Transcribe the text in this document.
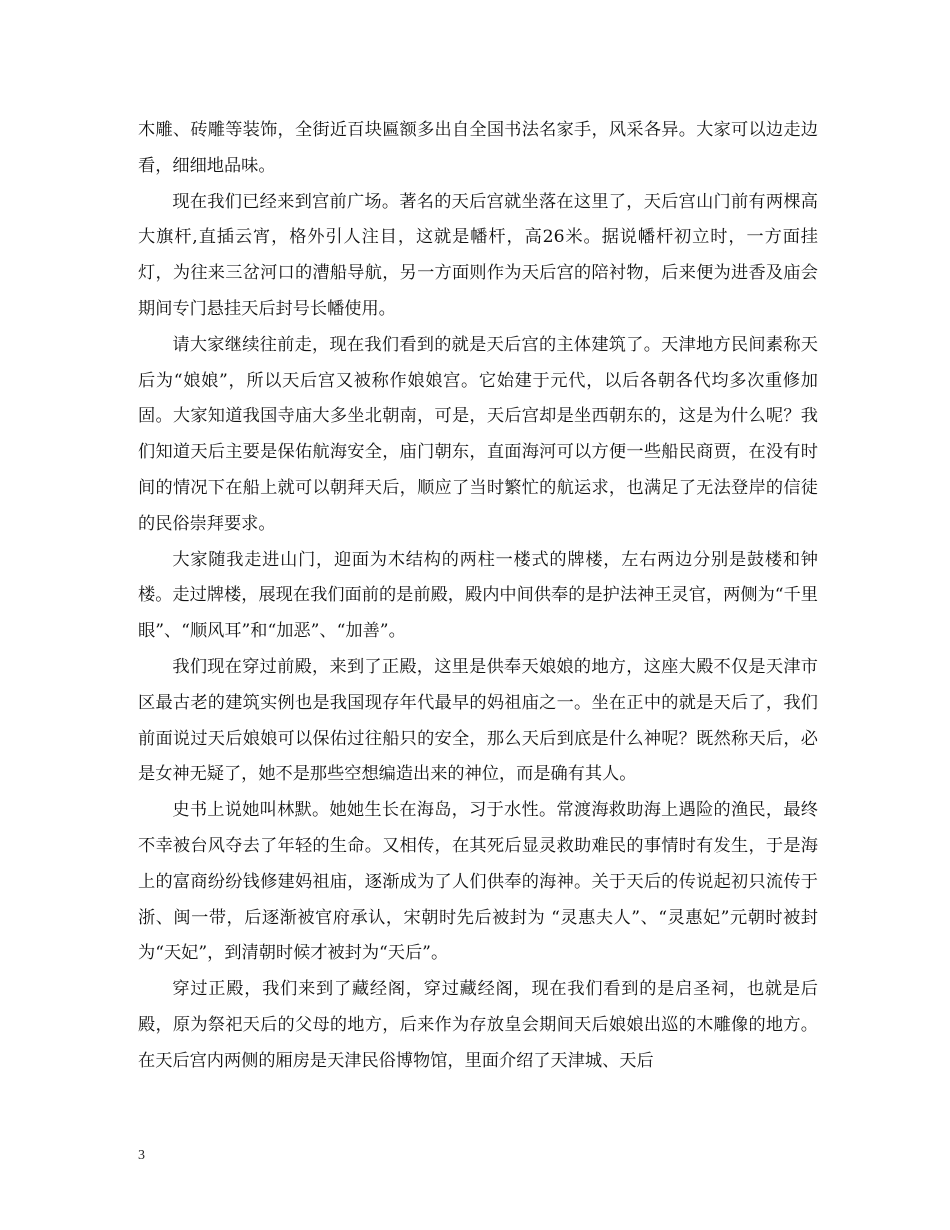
木雕、砖雕等装饰，全街近百块匾额多出自全国书法名家手，风采各异。大家可以边走边看，细细地品味。

现在我们已经来到宫前广场。著名的天后宫就坐落在这里了，天后宫山门前有两棵高大旗杆,直插云宵，格外引人注目，这就是幡杆，高26米。据说幡杆初立时，一方面挂灯，为往来三岔河口的漕船导航，另一方面则作为天后宫的陪衬物，后来便为进香及庙会期间专门悬挂天后封号长幡使用。

请大家继续往前走，现在我们看到的就是天后宫的主体建筑了。天津地方民间素称天后为“娘娘”，所以天后宫又被称作娘娘宫。它始建于元代，以后各朝各代均多次重修加固。大家知道我国寺庙大多坐北朝南，可是，天后宫却是坐西朝东的，这是为什么呢？我们知道天后主要是保佑航海安全，庙门朝东，直面海河可以方便一些船民商贾，在没有时间的情况下在船上就可以朝拜天后，顺应了当时繁忙的航运求，也满足了无法登岸的信徒的民俗崇拜要求。

大家随我走进山门，迎面为木结构的两柱一楼式的牌楼，左右两边分别是鼓楼和钟楼。走过牌楼，展现在我们面前的是前殿，殿内中间供奉的是护法神王灵官，两侧为“千里眼”、“顺风耳”和“加恶”、“加善”。

我们现在穿过前殿，来到了正殿，这里是供奉天娘娘的地方，这座大殿不仅是天津市区最古老的建筑实例也是我国现存年代最早的妈祖庙之一。坐在正中的就是天后了，我们前面说过天后娘娘可以保佑过往船只的安全，那么天后到底是什么神呢？既然称天后，必是女神无疑了，她不是那些空想编造出来的神位，而是确有其人。

史书上说她叫林默。她她生长在海岛，习于水性。常渡海救助海上遇险的渔民，最终不幸被台风夺去了年轻的生命。又相传，在其死后显灵救助难民的事情时有发生，于是海上的富商纷纷钱修建妈祖庙，逐渐成为了人们供奉的海神。关于天后的传说起初只流传于浙、闽一带，后逐渐被官府承认，宋朝时先后被封为 “灵惠夫人”、“灵惠妃”元朝时被封为“天妃”，到清朝时候才被封为“天后”。

穿过正殿，我们来到了藏经阁，穿过藏经阁，现在我们看到的是启圣祠，也就是后殿，原为祭祀天后的父母的地方，后来作为存放皇会期间天后娘娘出巡的木雕像的地方。在天后宫内两侧的厢房是天津民俗博物馆，里面介绍了天津城、天后

3
